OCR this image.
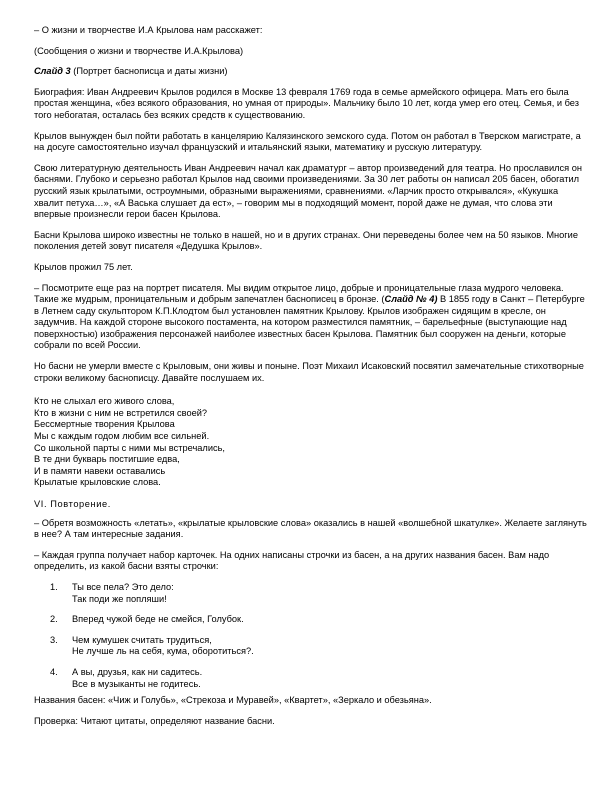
– О жизни и творчестве И.А Крылова нам расскажет:

(Сообщения о жизни и творчестве И.А.Крылова)

Слайд 3 (Портрет баснописца и даты жизни)

Биография: Иван Андреевич Крылов родился в Москве 13 февраля 1769 года в семье армейского офицера. Мать его была простая женщина, «без всякого образования, но умная от природы». Мальчику было 10 лет, когда умер его отец. Семья, и без того небогатая, осталась без всяких средств к существованию.

Крылов вынужден был пойти работать в канцелярию Калязинского земского суда. Потом он работал в Тверском магистрате, а на досуге самостоятельно изучал французский и итальянский языки, математику и русскую литературу.

Свою литературную деятельность Иван Андреевич начал как драматург – автор произведений для театра. Но прославился он баснями. Глубоко и серьезно работал Крылов над своими произведениями. За 30 лет работы он написал 205 басен, обогатил русский язык крылатыми, остроумными, образными выражениями, сравнениями. «Ларчик просто открывался», «Кукушка хвалит петуха…», «А Васька слушает да ест», – говорим мы в подходящий момент, порой даже не думая, что слова эти впервые произнесли герои басен Крылова.

Басни Крылова широко известны не только в нашей, но и в других странах. Они переведены более чем на 50 языков. Многие поколения детей зовут писателя «Дедушка Крылов».

Крылов прожил 75 лет.

– Посмотрите еще раз на портрет писателя. Мы видим открытое лицо, добрые и проницательные глаза мудрого человека. Такие же мудрым, проницательным и добрым запечатлен баснописец в бронзе. (Слайд № 4) В 1855 году в Санкт – Петербурге в Летнем саду скульптором К.П.Клодтом был установлен памятник Крылову. Крылов изображен сидящим в кресле, он задумчив. На каждой стороне высокого постамента, на котором разместился памятник, – барельефные (выступающие над поверхностью) изображения персонажей наиболее известных басен Крылова. Памятник был сооружен на деньги, которые собрали по всей России.

Но басни не умерли вместе с Крыловым, они живы и поныне. Поэт Михаил Исаковский посвятил замечательные стихотворные строки великому баснописцу. Давайте послушаем их.

Кто не слыхал его живого слова,
Кто в жизни с ним не встретился своей?
Бессмертные творения Крылова
Мы с каждым годом любим все сильней.
Со школьной парты с ними мы встречались,
В те дни букварь постигшие едва,
И в памяти навеки оставались
Крылатые крыловские слова.

VI. Повторение.

– Обретя возможность «летать», «крылатые крыловские слова» оказались в нашей «волшебной шкатулке». Желаете заглянуть в нее? А там интересные задания.

– Каждая группа получает набор карточек. На одних написаны строчки из басен, а на других названия басен. Вам надо определить, из какой басни взяты строчки:

1.	Ты все пела? Это дело:
Так поди же попляши!
2.	Вперед чужой беде не смейся, Голубок.
3.	Чем кумушек считать трудиться,
Не лучше ль на себя, кума, оборотиться?.
4.	А вы, друзья, как ни садитесь.
Все в музыканты не годитесь.

Названия басен: «Чиж и Голубь», «Стрекоза и Муравей», «Квартет», «Зеркало и обезьяна».

Проверка: Читают цитаты, определяют название басни.
